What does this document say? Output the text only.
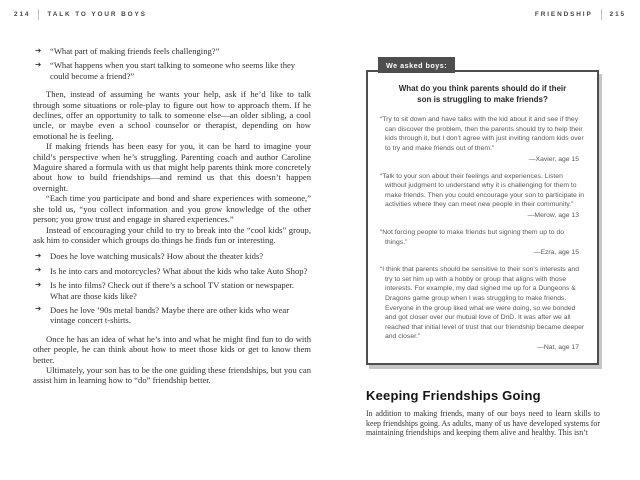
214	TALK TO YOUR BOYS	FRIENDSHIP	215
➔ “What part of making friends feels challenging?”
➔ “What happens when you start talking to someone who seems like they could become a friend?”

Then, instead of assuming he wants your help, ask if he’d like to talk through some situations or role-play to figure out how to approach them. If he declines, offer an opportunity to talk to someone else—an older sibling, a cool uncle, or maybe even a school counselor or therapist, depending on how emotional he is feeling.

If making friends has been easy for you, it can be hard to imagine your child’s perspective when he’s struggling. Parenting coach and author Caroline Maguire shared a formula with us that might help parents think more concretely about how to build friendships—and remind us that this doesn’t happen overnight.

“Each time you participate and bond and share experiences with someone,” she told us, “you collect information and you grow knowledge of the other person; you grow trust and engage in shared experiences.”

Instead of encouraging your child to try to break into the “cool kids” group, ask him to consider which groups do things he finds fun or interesting.

➔ Does he love watching musicals? How about the theater kids?
➔ Is he into cars and motorcycles? What about the kids who take Auto Shop?
➔ Is he into films? Check out if there’s a school TV station or newspaper. What are those kids like?
➔ Does he love ’90s metal bands? Maybe there are other kids who wear vintage concert t-shirts.

Once he has an idea of what he’s into and what he might find fun to do with other people, he can think about how to meet those kids or get to know them better.

Ultimately, your son has to be the one guiding these friendships, but you can assist him in learning how to “do” friendship better.

We asked boys:
What do you think parents should do if their son is struggling to make friends?

“Try to sit down and have talks with the kid about it and see if they can discover the problem, then the parents should try to help their kids through it, but I don’t agree with just inviting random kids over to try and make friends out of them.”

—Xavier, age 15

“Talk to your son about their feelings and experiences. Listen without judgment to understand why it is challenging for them to make friends. Then you could encourage your son to participate in activities where they can meet new people in their community.”

—Merow, age 13

“Not forcing people to make friends but signing them up to do things.”

—Ezra, age 15

“I think that parents should be sensitive to their son’s interests and try to set him up with a hobby or group that aligns with those interests. For example, my dad signed me up for a Dungeons & Dragons game group when I was struggling to make friends. Everyone in the group liked what we were doing, so we bonded and got closer over our mutual love of DnD. It was after we all reached that initial level of trust that our friendship became deeper and closer.”

—Nat, age 17

Keeping Friendships Going

In addition to making friends, many of our boys need to learn skills to keep friendships going. As adults, many of us have developed systems for maintaining friendships and keeping them alive and healthy. This isn’t
